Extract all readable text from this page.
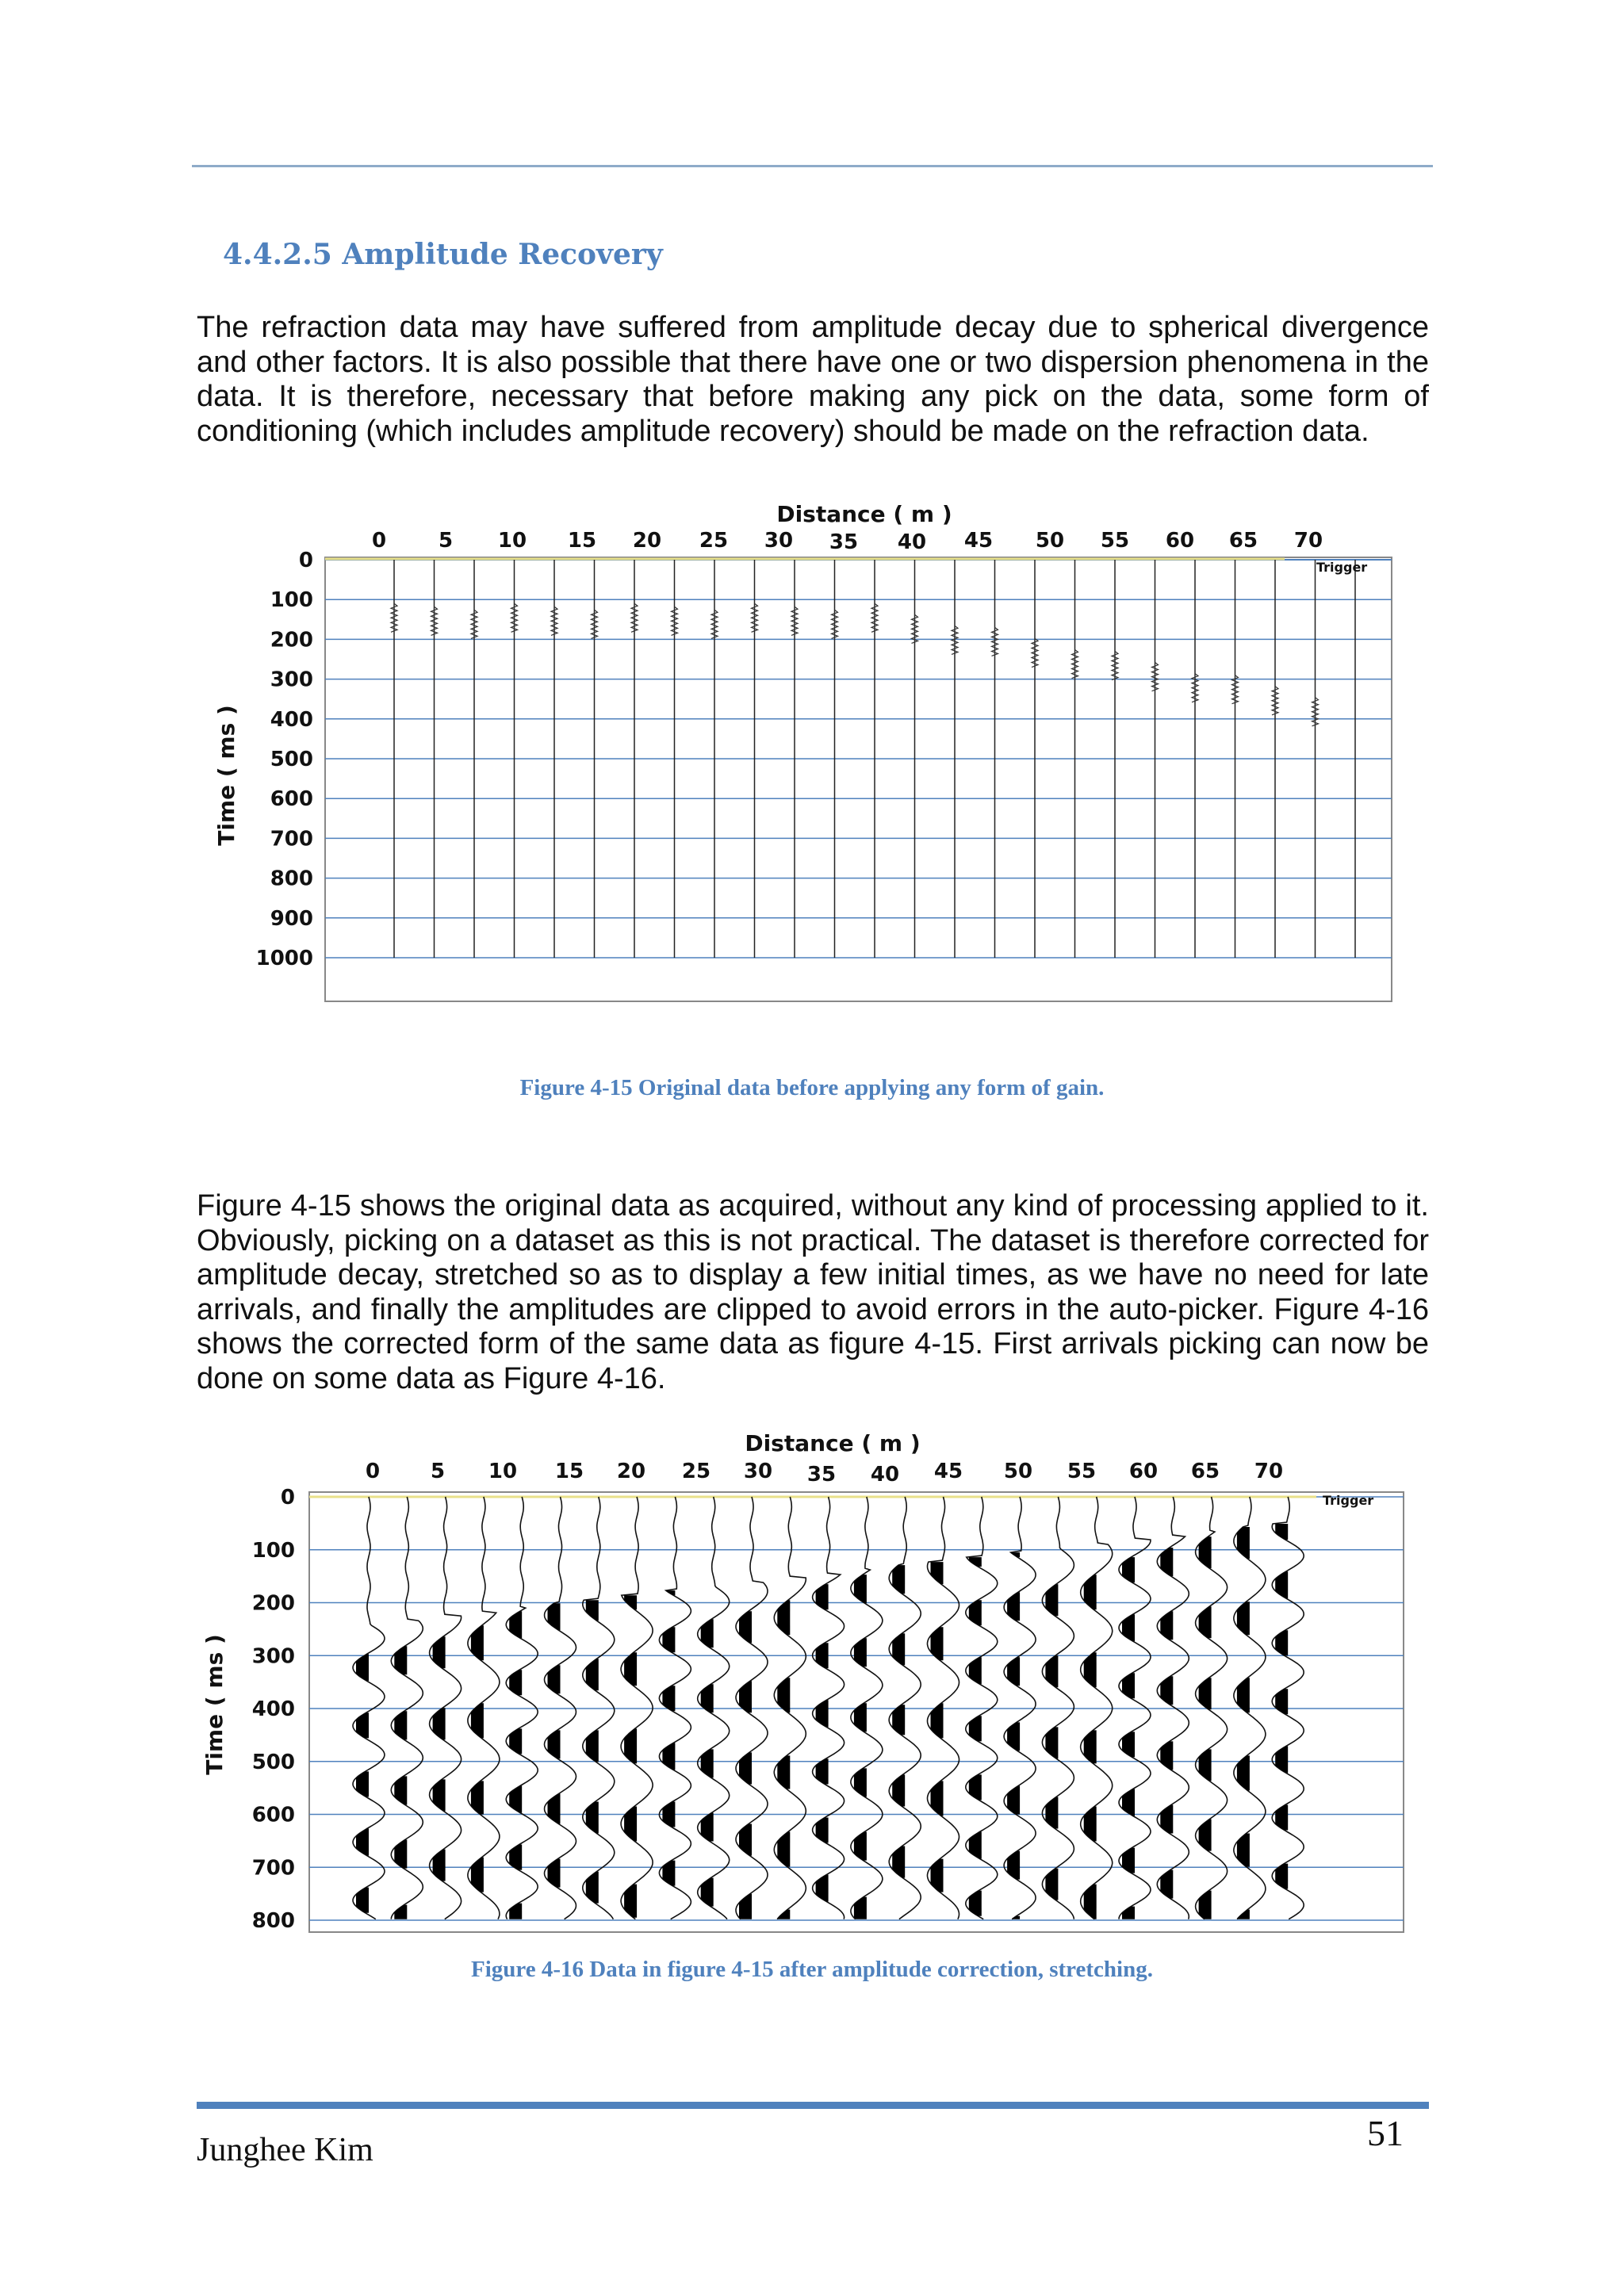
4.4.2.5 Amplitude Recovery

The refraction data may have suffered from amplitude decay due to spherical divergence and other factors. It is also possible that there have one or two dispersion phenomena in the data. It is therefore, necessary that before making any pick on the data, some form of conditioning (which includes amplitude recovery) should be made on the refraction data.

Distance ( m )
0	5 10 15 20 25 30 35 40 45 50 55 60 65 70
0
100
200
300
400
500
600
700
800
900
1000
Time ( ms )
Trigger
Figure 4-15 Original data before applying any form of gain.

Figure 4-15 shows the original data as acquired, without any kind of processing applied to it. Obviously, picking on a dataset as this is not practical. The dataset is therefore corrected for amplitude decay, stretched so as to display a few initial times, as we have no need for late arrivals, and finally the amplitudes are clipped to avoid errors in the auto-picker. Figure 4-16 shows the corrected form of the same data as figure 4-15. First arrivals picking can now be done on some data as Figure 4-16.

Distance ( m )
0 5 10 15 20 25 30 35 40 45 50 55 60 65 70
0
100
200
300
400
500
600
700
800
Time ( ms )
Trigger
Figure 4-16 Data in figure 4-15 after amplitude correction, stretching.
Junghee Kim	51
